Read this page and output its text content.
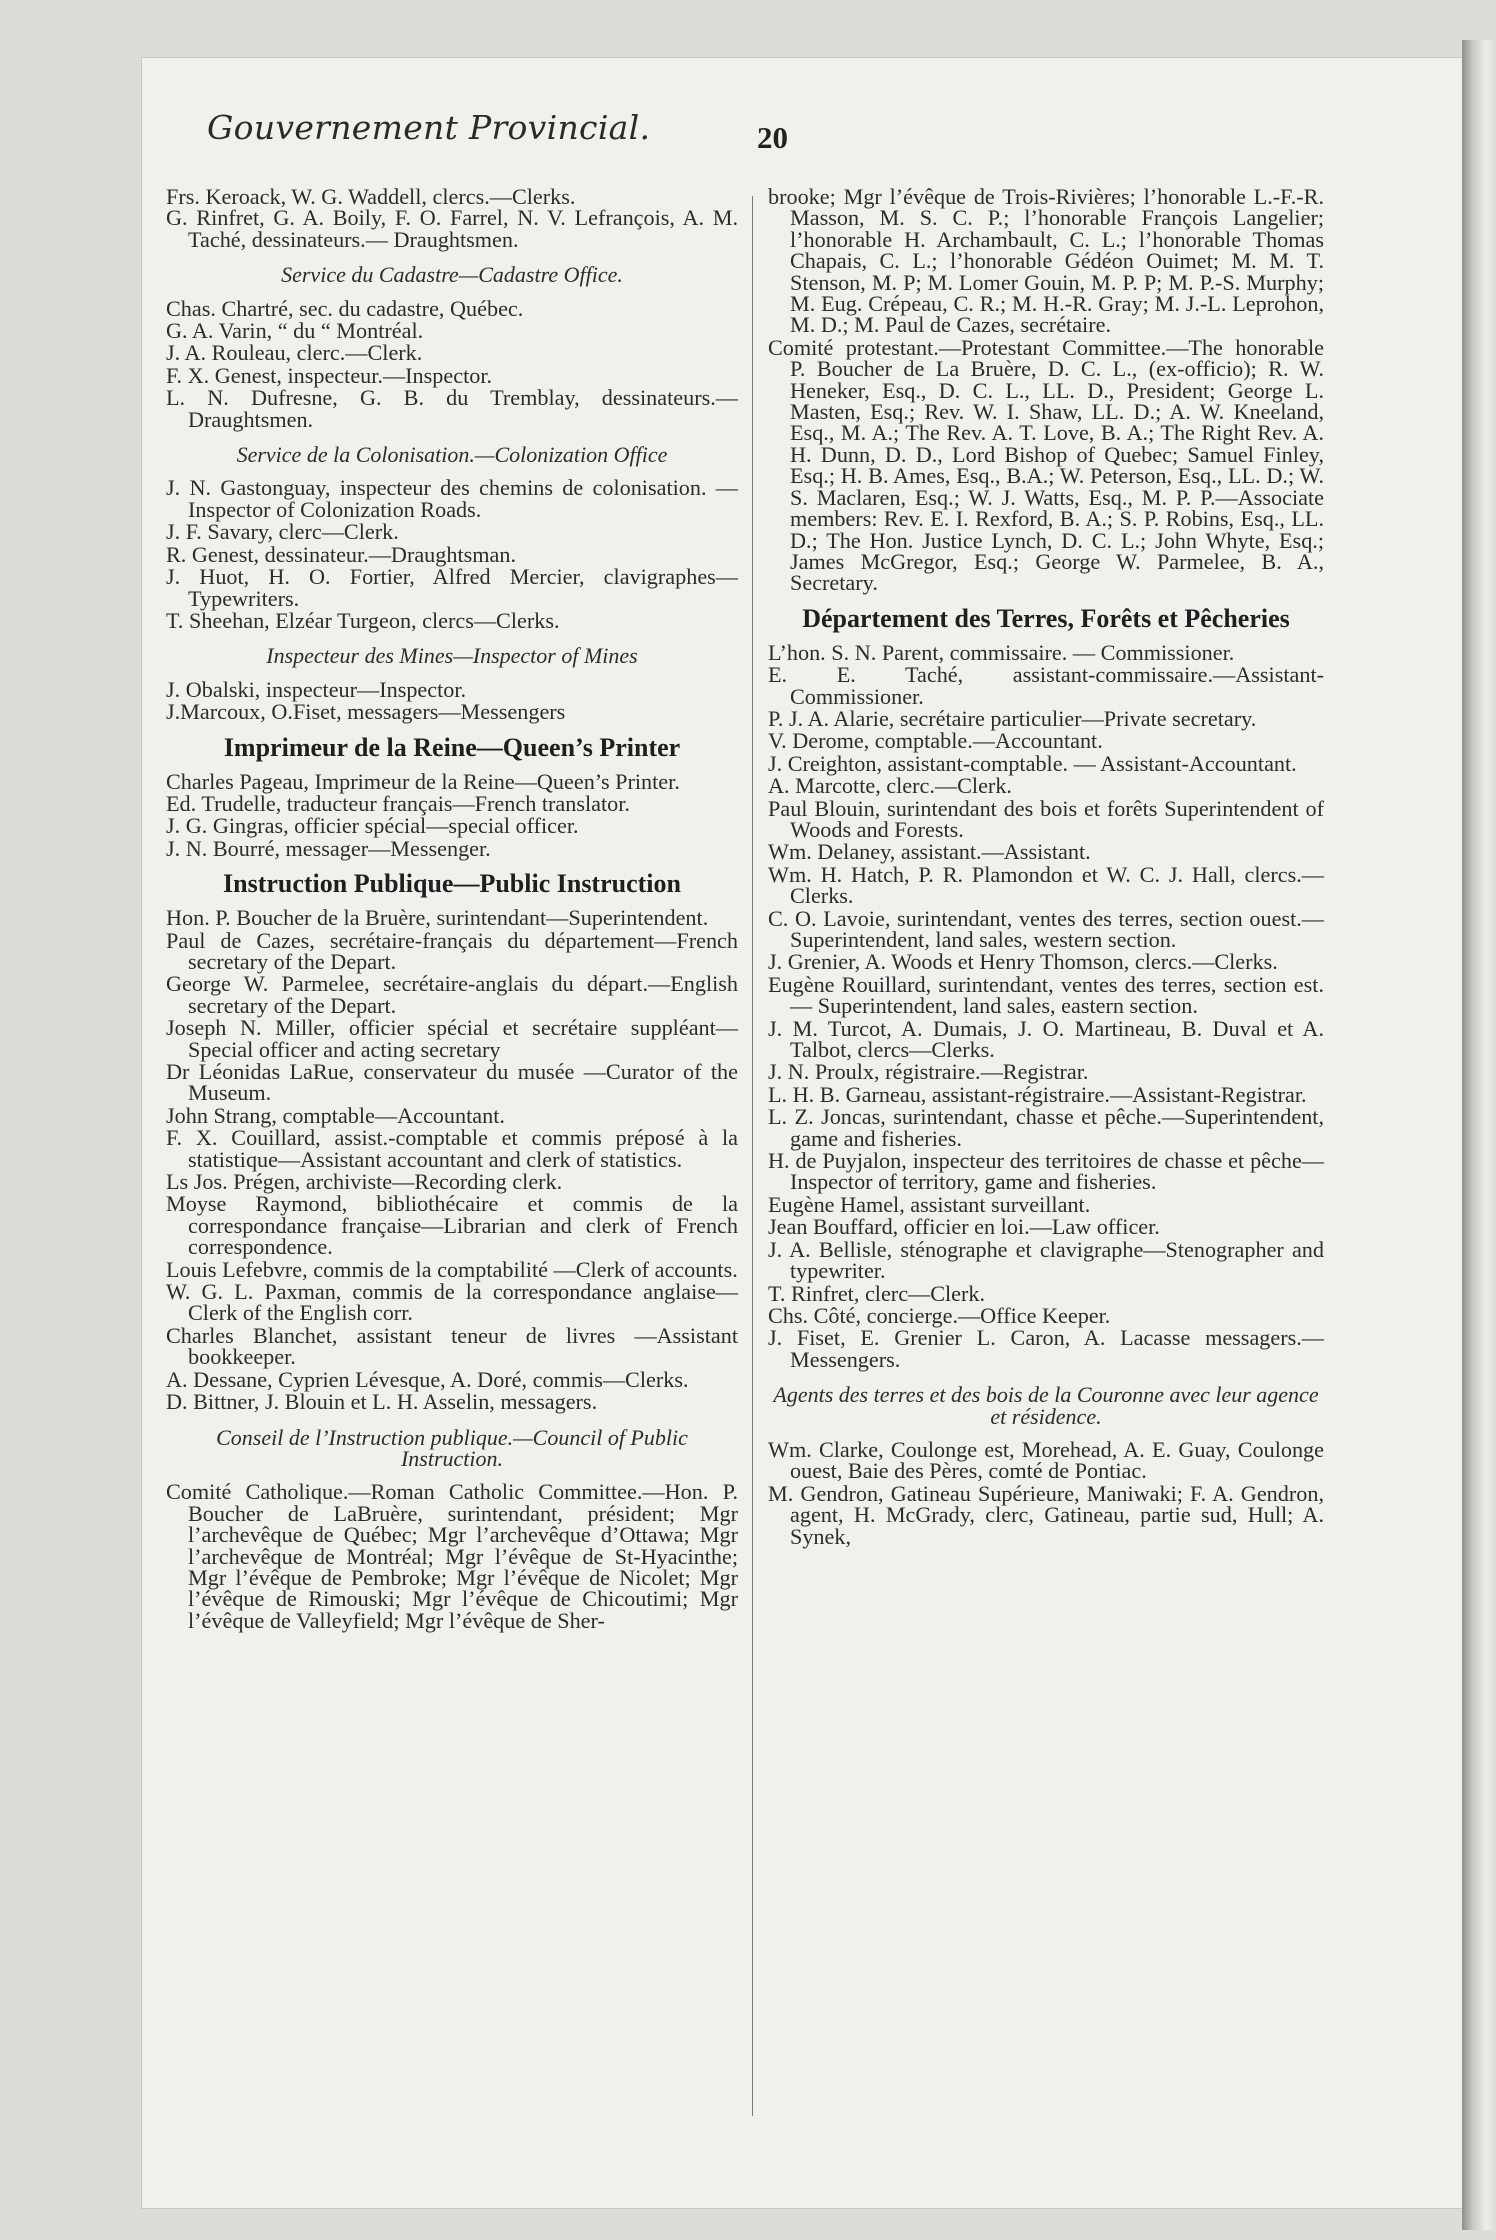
Gouvernement Provincial.	20
Frs. Keroack, W. G. Waddell, clercs.—Clerks.
G. Rinfret, G. A. Boily, F. O. Farrel, N. V. Lefrançois, A. M. Taché, dessinateurs.— Draughtsmen.
Service du Cadastre—Cadastre Office.
Chas. Chartré, sec. du cadastre, Québec.
G. A. Varin, “ du “ Montréal.
J. A. Rouleau, clerc.—Clerk.
F. X. Genest, inspecteur.—Inspector.
L. N. Dufresne, G. B. du Tremblay, dessinateurs.—Draughtsmen.
Service de la Colonisation.—Colonization Office
J. N. Gastonguay, inspecteur des chemins de colonisation. — Inspector of Colonization Roads.
J. F. Savary, clerc—Clerk.
R. Genest, dessinateur.—Draughtsman.
J. Huot, H. O. Fortier, Alfred Mercier, clavigraphes—Typewriters.
T. Sheehan, Elzéar Turgeon, clercs—Clerks.
Inspecteur des Mines—Inspector of Mines
J. Obalski, inspecteur—Inspector.
J.Marcoux, O.Fiset, messagers—Messengers
Imprimeur de la Reine—Queen’s Printer
Charles Pageau, Imprimeur de la Reine—Queen’s Printer.
Ed. Trudelle, traducteur français—French translator.
J. G. Gingras, officier spécial—special officer.
J. N. Bourré, messager—Messenger.
Instruction Publique—Public Instruction
Hon. P. Boucher de la Bruère, surintendant—Superintendent.
Paul de Cazes, secrétaire-français du département—French secretary of the Depart.
George W. Parmelee, secrétaire-anglais du départ.—English secretary of the Depart.
Joseph N. Miller, officier spécial et secrétaire suppléant—Special officer and acting secretary
Dr Léonidas LaRue, conservateur du musée —Curator of the Museum.
John Strang, comptable—Accountant.
F. X. Couillard, assist.-comptable et commis préposé à la statistique—Assistant accountant and clerk of statistics.
Ls Jos. Prégen, archiviste—Recording clerk.
Moyse Raymond, bibliothécaire et commis de la correspondance française—Librarian and clerk of French correspondence.
Louis Lefebvre, commis de la comptabilité —Clerk of accounts.
W. G. L. Paxman, commis de la correspondance anglaise—Clerk of the English corr.
Charles Blanchet, assistant teneur de livres —Assistant bookkeeper.
A. Dessane, Cyprien Lévesque, A. Doré, commis—Clerks.
D. Bittner, J. Blouin et L. H. Asselin, messagers.
Conseil de l’Instruction publique.—Council of Public Instruction.
Comité Catholique.—Roman Catholic Committee.—Hon. P. Boucher de LaBruère, surintendant, président; Mgr l’archevêque de Québec; Mgr l’archevêque d’Ottawa; Mgr l’archevêque de Montréal; Mgr l’évêque de St-Hyacinthe; Mgr l’évêque de Pembroke; Mgr l’évêque de Nicolet; Mgr l’évêque de Rimouski; Mgr l’évêque de Chicoutimi; Mgr l’évêque de Valleyfield; Mgr l’évêque de Sher-
brooke; Mgr l’évêque de Trois-Rivières; l’honorable L.-F.-R. Masson, M. S. C. P.; l’honorable François Langelier; l’honorable H. Archambault, C. L.; l’honorable Thomas Chapais, C. L.; l’honorable Gédéon Ouimet; M. M. T. Stenson, M. P; M. Lomer Gouin, M. P. P; M. P.-S. Murphy; M. Eug. Crépeau, C. R.; M. H.-R. Gray; M. J.-L. Leprohon, M. D.; M. Paul de Cazes, secrétaire.
Comité protestant.—Protestant Committee.—The honorable P. Boucher de La Bruère, D. C. L., (ex-officio); R. W. Heneker, Esq., D. C. L., LL. D., President; George L. Masten, Esq.; Rev. W. I. Shaw, LL. D.; A. W. Kneeland, Esq., M. A.; The Rev. A. T. Love, B. A.; The Right Rev. A. H. Dunn, D. D., Lord Bishop of Quebec; Samuel Finley, Esq.; H. B. Ames, Esq., B.A.; W. Peterson, Esq., LL. D.; W. S. Maclaren, Esq.; W. J. Watts, Esq., M. P. P.—Associate members: Rev. E. I. Rexford, B. A.; S. P. Robins, Esq., LL. D.; The Hon. Justice Lynch, D. C. L.; John Whyte, Esq.; James McGregor, Esq.; George W. Parmelee, B. A., Secretary.
Département des Terres, Forêts et Pêcheries
L’hon. S. N. Parent, commissaire. — Commissioner.
E. E. Taché, assistant-commissaire.—Assistant-Commissioner.
P. J. A. Alarie, secrétaire particulier—Private secretary.
V. Derome, comptable.—Accountant.
J. Creighton, assistant-comptable. — Assistant-Accountant.
A. Marcotte, clerc.—Clerk.
Paul Blouin, surintendant des bois et forêts Superintendent of Woods and Forests.
Wm. Delaney, assistant.—Assistant.
Wm. H. Hatch, P. R. Plamondon et W. C. J. Hall, clercs.—Clerks.
C. O. Lavoie, surintendant, ventes des terres, section ouest.—Superintendent, land sales, western section.
J. Grenier, A. Woods et Henry Thomson, clercs.—Clerks.
Eugène Rouillard, surintendant, ventes des terres, section est. — Superintendent, land sales, eastern section.
J. M. Turcot, A. Dumais, J. O. Martineau, B. Duval et A. Talbot, clercs—Clerks.
J. N. Proulx, régistraire.—Registrar.
L. H. B. Garneau, assistant-régistraire.—Assistant-Registrar.
L. Z. Joncas, surintendant, chasse et pêche.—Superintendent, game and fisheries.
H. de Puyjalon, inspecteur des territoires de chasse et pêche—Inspector of territory, game and fisheries.
Eugène Hamel, assistant surveillant.
Jean Bouffard, officier en loi.—Law officer.
J. A. Bellisle, sténographe et clavigraphe—Stenographer and typewriter.
T. Rinfret, clerc—Clerk.
Chs. Côté, concierge.—Office Keeper.
J. Fiset, E. Grenier L. Caron, A. Lacasse messagers.—Messengers.
Agents des terres et des bois de la Couronne avec leur agence et résidence.
Wm. Clarke, Coulonge est, Morehead, A. E. Guay, Coulonge ouest, Baie des Pères, comté de Pontiac.
M. Gendron, Gatineau Supérieure, Maniwaki; F. A. Gendron, agent, H. McGrady, clerc, Gatineau, partie sud, Hull; A. Synek,
